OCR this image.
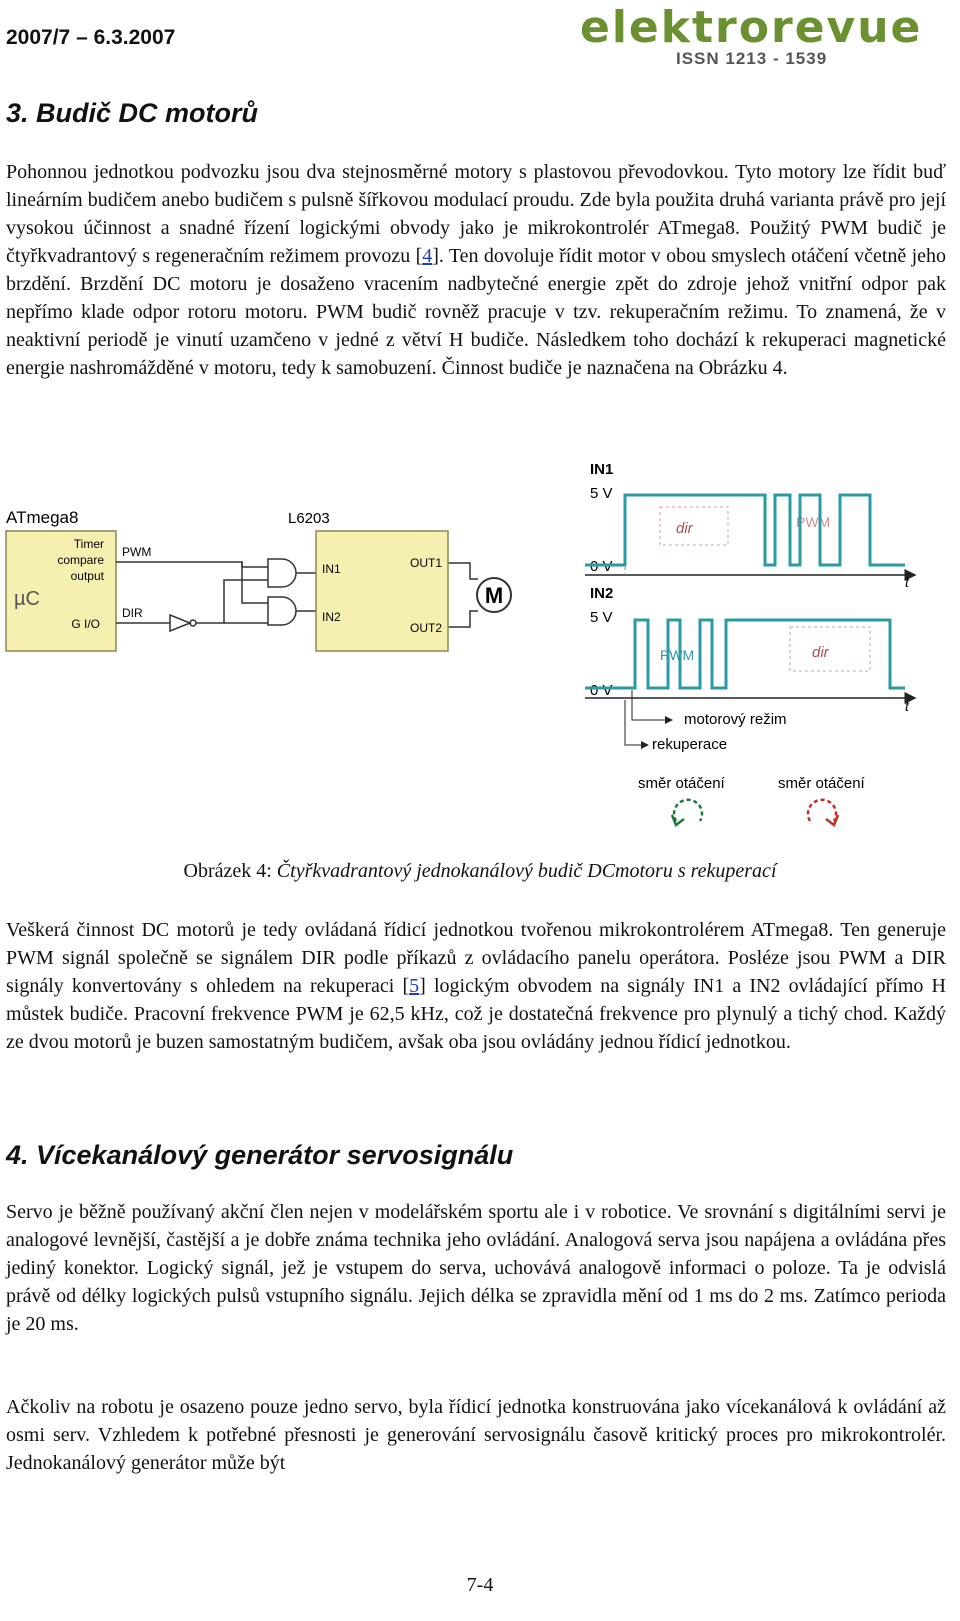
2007/7 – 6.3.2007	elektrorevue
ISSN 1213 - 1539
3. Budič DC motorů

Pohonnou jednotkou podvozku jsou dva stejnosměrné motory s plastovou převodovkou. Tyto motory lze řídit buď lineárním budičem anebo budičem s pulsně šířkovou modulací proudu. Zde byla použita druhá varianta právě pro její vysokou účinnost a snadné řízení logickými obvody jako je mikrokontrolér ATmega8. Použitý PWM budič je čtyřkvadrantový s regeneračním režimem provozu [4]. Ten dovoluje řídit motor v obou smyslech otáčení včetně jeho brzdění. Brzdění DC motoru je dosaženo vracením nadbytečné energie zpět do zdroje jehož vnitřní odpor pak nepřímo klade odpor rotoru motoru. PWM budič rovněž pracuje v tzv. rekuperačním režimu. To znamená, že v neaktivní periodě je vinutí uzamčeno v jedné z větví H budiče. Následkem toho dochází k rekuperaci magnetické energie nashromážděné v motoru, tedy k samobuzení. Činnost budiče je naznačena na Obrázku 4.

ATmega8
µC
Timer
compare
output
G I/O
PWM
DIR
L6203
IN1
IN2
OUT1
OUT2
M
IN1
5 V
0 V
t
dir	PWM
IN2
5 V
0 V
t
PWM	dir
motorový režim
rekuperace
směr otáčení	směr otáčení
Obrázek 4: Čtyřkvadrantový jednokanálový budič DCmotoru s rekuperací

Veškerá činnost DC motorů je tedy ovládaná řídicí jednotkou tvořenou mikrokontrolérem ATmega8. Ten generuje PWM signál společně se signálem DIR podle příkazů z ovládacího panelu operátora. Posléze jsou PWM a DIR signály konvertovány s ohledem na rekuperaci [5] logickým obvodem na signály IN1 a IN2 ovládající přímo H můstek budiče. Pracovní frekvence PWM je 62,5 kHz, což je dostatečná frekvence pro plynulý a tichý chod. Každý ze dvou motorů je buzen samostatným budičem, avšak oba jsou ovládány jednou řídicí jednotkou.

4. Vícekanálový generátor servosignálu

Servo je běžně používaný akční člen nejen v modelářském sportu ale i v robotice. Ve srovnání s digitálními servi je analogové levnější, častější a je dobře známa technika jeho ovládání. Analogová serva jsou napájena a ovládána přes jediný konektor. Logický signál, jež je vstupem do serva, uchovává analogově informaci o poloze. Ta je odvislá právě od délky logických pulsů vstupního signálu. Jejich délka se zpravidla mění od 1 ms do 2 ms. Zatímco perioda je 20 ms.

Ačkoliv na robotu je osazeno pouze jedno servo, byla řídicí jednotka konstruována jako vícekanálová k ovládání až osmi serv. Vzhledem k potřebné přesnosti je generování servosignálu časově kritický proces pro mikrokontrolér. Jednokanálový generátor může být

7-4
